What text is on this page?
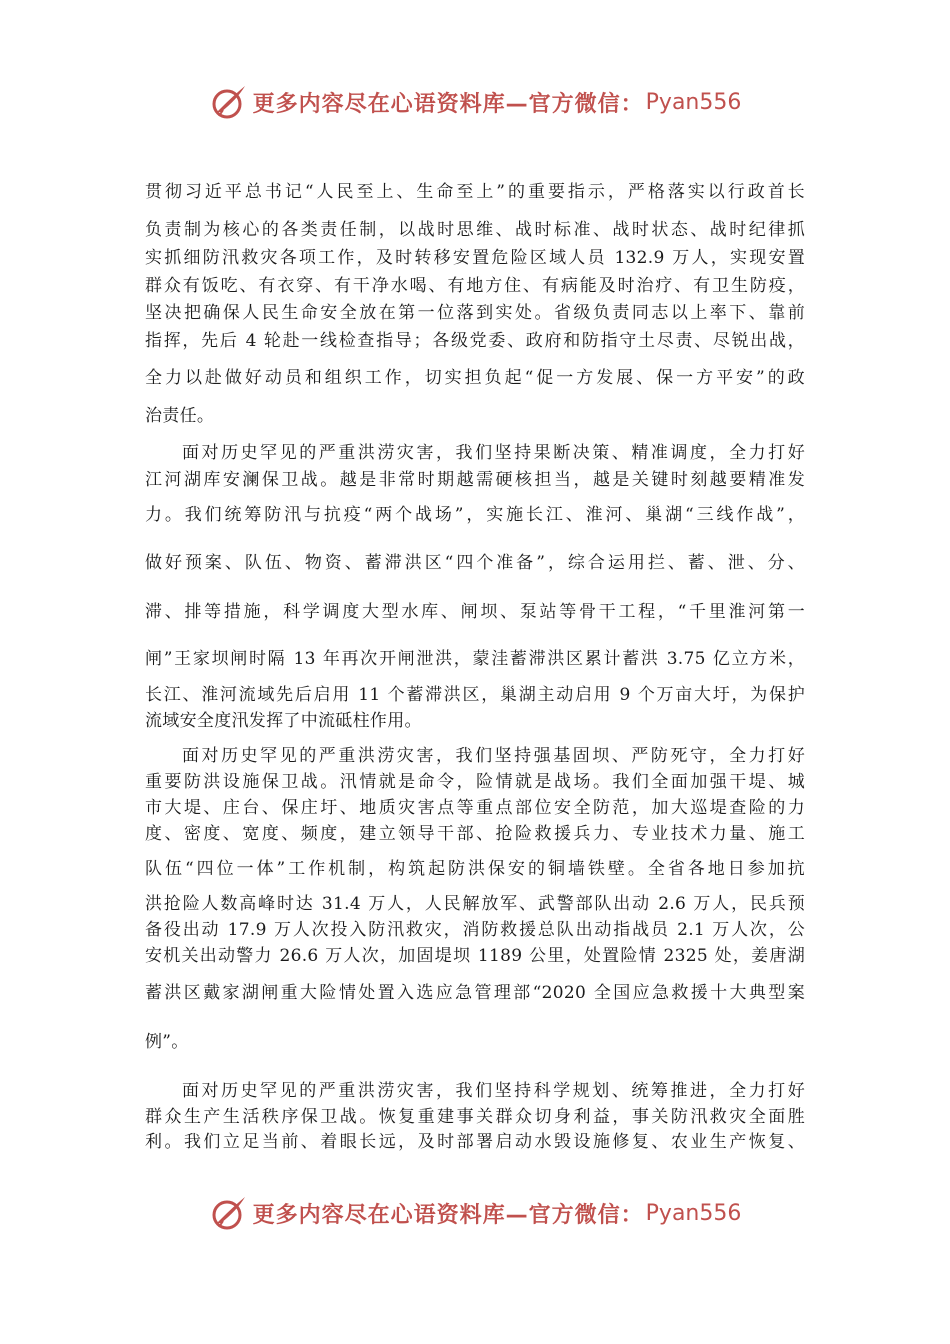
更多内容尽在心语资料库—官方微信： Pyan556
贯彻习近平总书记“人民至上、生命至上”的重要指示，严格落实以行政首长
负责制为核心的各类责任制，以战时思维、战时标准、战时状态、战时纪律抓
实抓细防汛救灾各项工作，及时转移安置危险区域人员 132.9 万人，实现安置
群众有饭吃、有衣穿、有干净水喝、有地方住、有病能及时治疗、有卫生防疫，
坚决把确保人民生命安全放在第一位落到实处。省级负责同志以上率下、靠前
指挥，先后 4 轮赴一线检查指导；各级党委、政府和防指守土尽责、尽锐出战，
全力以赴做好动员和组织工作，切实担负起“促一方发展、保一方平安”的政
治责任。
面对历史罕见的严重洪涝灾害，我们坚持果断决策、精准调度，全力打好
江河湖库安澜保卫战。越是非常时期越需硬核担当，越是关键时刻越要精准发
力。我们统筹防汛与抗疫“两个战场”，实施长江、淮河、巢湖“三线作战”，
做好预案、队伍、物资、蓄滞洪区“四个准备”，综合运用拦、蓄、泄、分、
滞、排等措施，科学调度大型水库、闸坝、泵站等骨干工程，“千里淮河第一
闸”王家坝闸时隔 13 年再次开闸泄洪，蒙洼蓄滞洪区累计蓄洪 3.75 亿立方米，
长江、淮河流域先后启用 11 个蓄滞洪区，巢湖主动启用 9 个万亩大圩，为保护
流域安全度汛发挥了中流砥柱作用。
面对历史罕见的严重洪涝灾害，我们坚持强基固坝、严防死守，全力打好
重要防洪设施保卫战。汛情就是命令，险情就是战场。我们全面加强干堤、城
市大堤、庄台、保庄圩、地质灾害点等重点部位安全防范，加大巡堤查险的力
度、密度、宽度、频度，建立领导干部、抢险救援兵力、专业技术力量、施工
队伍“四位一体”工作机制，构筑起防洪保安的铜墙铁壁。全省各地日参加抗
洪抢险人数高峰时达 31.4 万人，人民解放军、武警部队出动 2.6 万人，民兵预
备役出动 17.9 万人次投入防汛救灾，消防救援总队出动指战员 2.1 万人次，公
安机关出动警力 26.6 万人次，加固堤坝 1189 公里，处置险情 2325 处，姜唐湖
蓄洪区戴家湖闸重大险情处置入选应急管理部“2020 全国应急救援十大典型案
例”。
面对历史罕见的严重洪涝灾害，我们坚持科学规划、统筹推进，全力打好
群众生产生活秩序保卫战。恢复重建事关群众切身利益，事关防汛救灾全面胜
利。我们立足当前、着眼长远，及时部署启动水毁设施修复、农业生产恢复、
更多内容尽在心语资料库—官方微信： Pyan556
